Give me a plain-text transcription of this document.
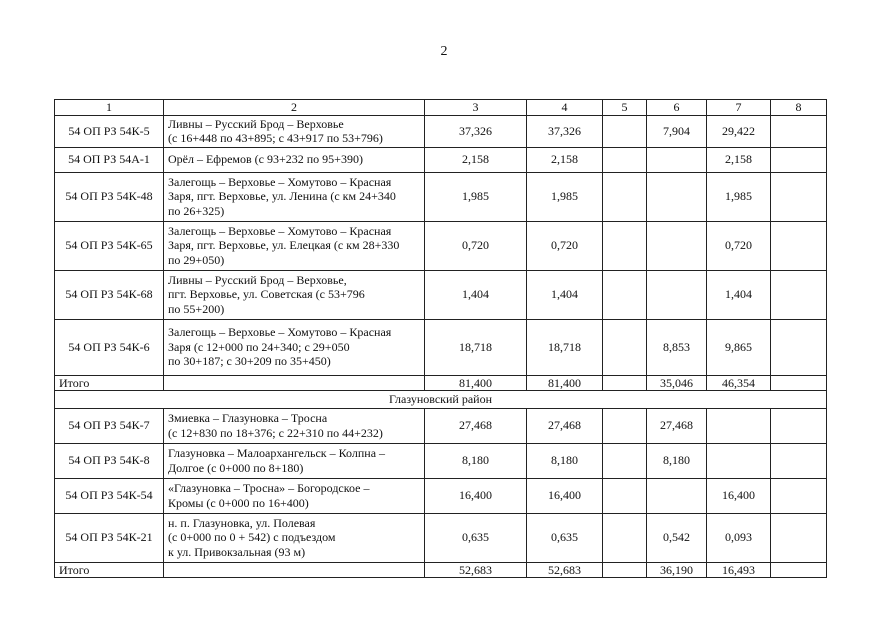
2
1	2	3	4	5	6	7	8
54 ОП РЗ 54К-5	Ливны – Русский Брод – Верховье
(с 16+448 по 43+895; с 43+917 по 53+796)	37,326	37,326		7,904	29,422	
54 ОП РЗ 54А-1	Орёл – Ефремов (с 93+232 по 95+390)	2,158	2,158			2,158	
54 ОП РЗ 54К-48	Залегощь – Верховье – Хомутово – Красная
Заря, пгт. Верховье, ул. Ленина (с км 24+340
по 26+325)	1,985	1,985			1,985	
54 ОП РЗ 54К-65	Залегощь – Верховье – Хомутово – Красная
Заря, пгт. Верховье, ул. Елецкая (с км 28+330
по 29+050)	0,720	0,720			0,720	
54 ОП РЗ 54К-68	Ливны – Русский Брод – Верховье,
пгт. Верховье, ул. Советская (с 53+796
по 55+200)	1,404	1,404			1,404	
54 ОП РЗ 54К-6	Залегощь – Верховье – Хомутово – Красная
Заря (с 12+000 по 24+340; с 29+050
по 30+187; с 30+209 по 35+450)	18,718	18,718		8,853	9,865	
Итого		81,400	81,400		35,046	46,354	
Глазуновский район							
54 ОП РЗ 54К-7	Змиевка – Глазуновка – Тросна
(с 12+830 по 18+376; с 22+310 по 44+232)	27,468	27,468		27,468		
54 ОП РЗ 54К-8	Глазуновка – Малоархангельск – Колпна –
Долгое (с 0+000 по 8+180)	8,180	8,180		8,180		
54 ОП РЗ 54К-54	«Глазуновка – Тросна» – Богородское –
Кромы (с 0+000 по 16+400)	16,400	16,400			16,400	
54 ОП РЗ 54К-21	н. п. Глазуновка, ул. Полевая
(с 0+000 по 0 + 542) с подъездом
к ул. Привокзальная (93 м)	0,635	0,635		0,542	0,093	
Итого		52,683	52,683		36,190	16,493	
